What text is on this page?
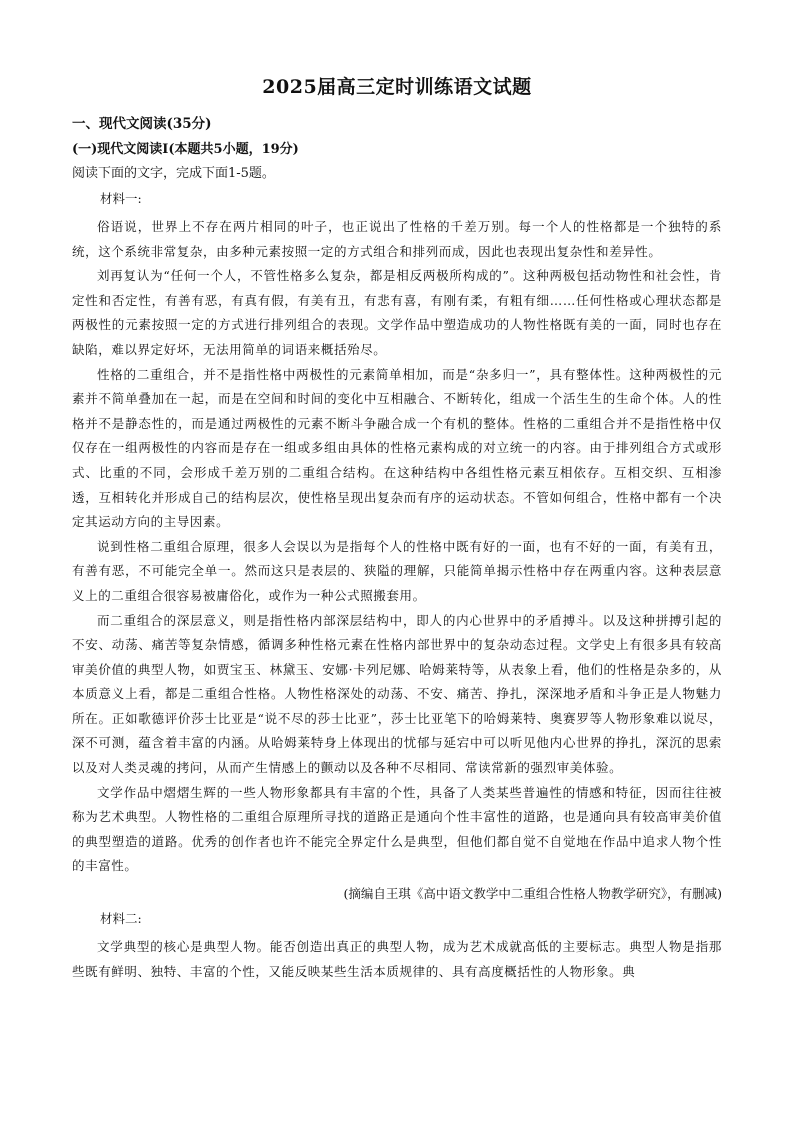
2025届高三定时训练语文试题
一、现代文阅读(35分)
(一)现代文阅读Ⅰ(本题共5小题，19分)
阅读下面的文字，完成下面1-5题。
材料一:

俗语说，世界上不存在两片相同的叶子，也正说出了性格的千差万别。每一个人的性格都是一个独特的系统，这个系统非常复杂，由多种元素按照一定的方式组合和排列而成，因此也表现出复杂性和差异性。

刘再复认为“任何一个人，不管性格多么复杂，都是相反两极所构成的”。这种两极包括动物性和社会性，肯定性和否定性，有善有恶，有真有假，有美有丑，有悲有喜，有刚有柔，有粗有细……任何性格或心理状态都是两极性的元素按照一定的方式进行排列组合的表现。文学作品中塑造成功的人物性格既有美的一面，同时也存在缺陷，难以界定好坏，无法用简单的词语来概括殆尽。

性格的二重组合，并不是指性格中两极性的元素简单相加，而是“杂多归一”，具有整体性。这种两极性的元素并不简单叠加在一起，而是在空间和时间的变化中互相融合、不断转化，组成一个活生生的生命个体。人的性格并不是静态性的，而是通过两极性的元素不断斗争融合成一个有机的整体。性格的二重组合并不是指性格中仅仅存在一组两极性的内容而是存在一组或多组由具体的性格元素构成的对立统一的内容。由于排列组合方式或形式、比重的不同，会形成千差万别的二重组合结构。在这种结构中各组性格元素互相依存。互相交织、互相渗透，互相转化并形成自己的结构层次，使性格呈现出复杂而有序的运动状态。不管如何组合，性格中都有一个决定其运动方向的主导因素。

说到性格二重组合原理，很多人会误以为是指每个人的性格中既有好的一面，也有不好的一面，有美有丑，有善有恶，不可能完全单一。然而这只是表层的、狭隘的理解，只能简单揭示性格中存在两重内容。这种表层意义上的二重组合很容易被庸俗化，或作为一种公式照搬套用。

而二重组合的深层意义，则是指性格内部深层结构中，即人的内心世界中的矛盾搏斗。以及这种拼搏引起的不安、动荡、痛苦等复杂情感，循调多种性格元素在性格内部世界中的复杂动态过程。文学史上有很多具有较高审美价值的典型人物，如贾宝玉、林黛玉、安娜·卡列尼娜、哈姆莱特等，从表象上看，他们的性格是杂多的，从本质意义上看，都是二重组合性格。人物性格深处的动荡、不安、痛苦、挣扎，深深地矛盾和斗争正是人物魅力所在。正如歌德评价莎士比亚是“说不尽的莎士比亚”，莎士比亚笔下的哈姆莱特、奥赛罗等人物形象难以说尽，深不可测，蕴含着丰富的内涵。从哈姆莱特身上体现出的忧郁与延宕中可以听见他内心世界的挣扎，深沉的思索以及对人类灵魂的拷问，从而产生情感上的颤动以及各种不尽相同、常读常新的强烈审美体验。

文学作品中熠熠生辉的一些人物形象都具有丰富的个性，具备了人类某些普遍性的情感和特征，因而往往被称为艺术典型。人物性格的二重组合原理所寻找的道路正是通向个性丰富性的道路，也是通向具有较高审美价值的典型塑造的道路。优秀的创作者也许不能完全界定什么是典型，但他们都自觉不自觉地在作品中追求人物个性的丰富性。

(摘编自王琪《高中语文教学中二重组合性格人物教学研究》，有删减)
材料二:

文学典型的核心是典型人物。能否创造出真正的典型人物，成为艺术成就高低的主要标志。典型人物是指那些既有鲜明、独特、丰富的个性，又能反映某些生活本质规律的、具有高度概括性的人物形象。典
